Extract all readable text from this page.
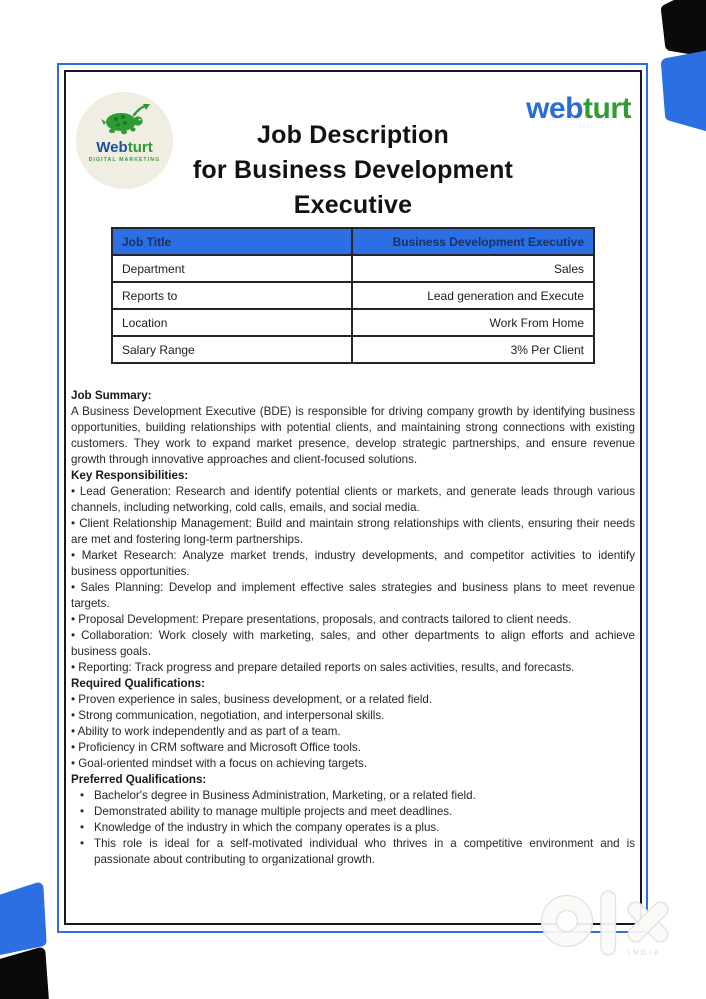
Webturt
DIGITAL MARKETING
webturt
Job Description
for Business Development
Executive
Job Title	Business Development Executive
Department	Sales
Reports to	Lead generation and Execute
Location	Work From Home
Salary Range	3% Per Client
Job Summary:

A Business Development Executive (BDE) is responsible for driving company growth by identifying business opportunities, building relationships with potential clients, and maintaining strong connections with existing customers. They work to expand market presence, develop strategic partnerships, and ensure revenue growth through innovative approaches and client-focused solutions.

Key Responsibilities:

• Lead Generation: Research and identify potential clients or markets, and generate leads through various channels, including networking, cold calls, emails, and social media.

• Client Relationship Management: Build and maintain strong relationships with clients, ensuring their needs are met and fostering long-term partnerships.

• Market Research: Analyze market trends, industry developments, and competitor activities to identify business opportunities.

• Sales Planning: Develop and implement effective sales strategies and business plans to meet revenue targets.

• Proposal Development: Prepare presentations, proposals, and contracts tailored to client needs.

• Collaboration: Work closely with marketing, sales, and other departments to align efforts and achieve business goals.

• Reporting: Track progress and prepare detailed reports on sales activities, results, and forecasts.

Required Qualifications:

• Proven experience in sales, business development, or a related field.

• Strong communication, negotiation, and interpersonal skills.

• Ability to work independently and as part of a team.

• Proficiency in CRM software and Microsoft Office tools.

• Goal-oriented mindset with a focus on achieving targets.

Preferred Qualifications:
• Bachelor's degree in Business Administration, Marketing, or a related field.
• Demonstrated ability to manage multiple projects and meet deadlines.
• Knowledge of the industry in which the company operates is a plus.
• This role is ideal for a self-motivated individual who thrives in a competitive environment and is passionate about contributing to organizational growth.
INDIA
